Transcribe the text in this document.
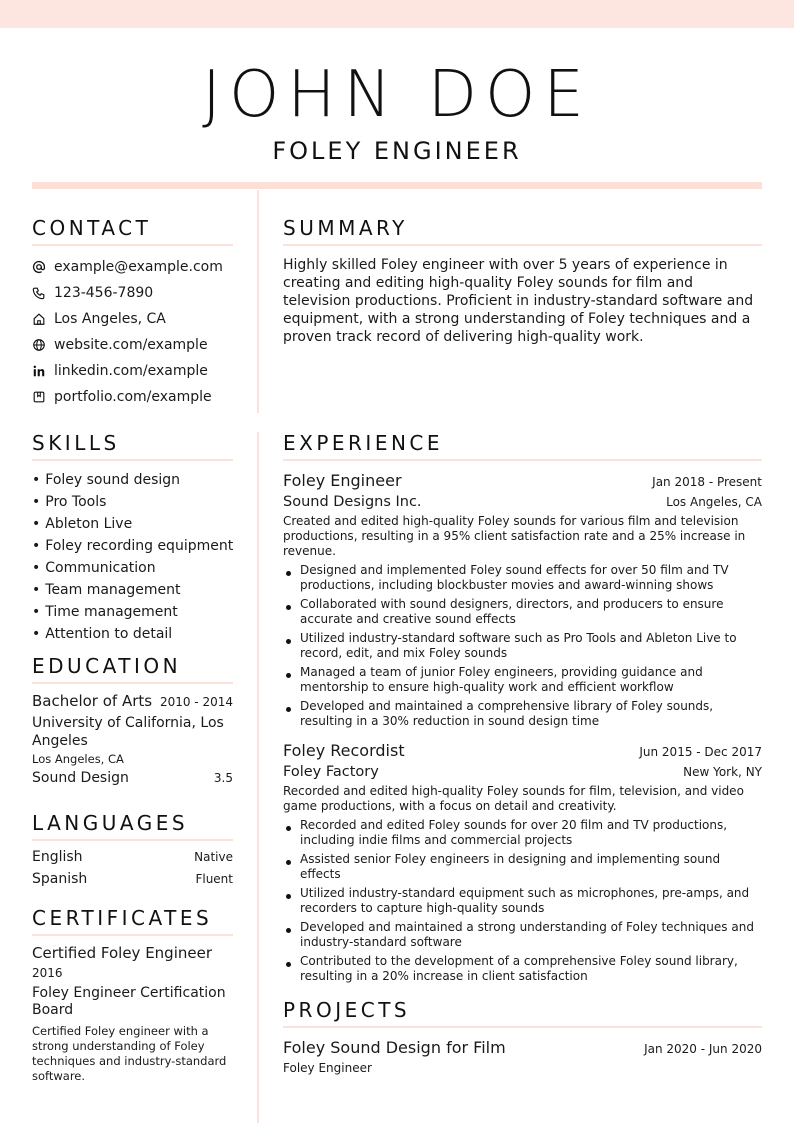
JOHN DOE
FOLEY ENGINEER
CONTACT
example@example.com
123-456-7890
Los Angeles, CA
website.com/example
linkedin.com/example
portfolio.com/example
SKILLS
• Foley sound design
• Pro Tools
• Ableton Live
• Foley recording equipment
• Communication
• Team management
• Time management
• Attention to detail
EDUCATION
Bachelor of Arts 2010 - 2014
University of California, Los Angeles
Los Angeles, CA
Sound Design	3.5
LANGUAGES
English	Native
Spanish	Fluent
CERTIFICATES
Certified Foley Engineer
2016
Foley Engineer Certification Board
Certified Foley engineer with a strong understanding of Foley techniques and industry-standard software.
SUMMARY
Highly skilled Foley engineer with over 5 years of experience in creating and editing high-quality Foley sounds for film and television productions. Proficient in industry-standard software and equipment, with a strong understanding of Foley techniques and a proven track record of delivering high-quality work.
EXPERIENCE
Foley Engineer	Jan 2018 - Present
Sound Designs Inc.	Los Angeles, CA
Created and edited high-quality Foley sounds for various film and television productions, resulting in a 95% client satisfaction rate and a 25% increase in revenue.
Designed and implemented Foley sound effects for over 50 film and TV productions, including blockbuster movies and award-winning shows
Collaborated with sound designers, directors, and producers to ensure accurate and creative sound effects
Utilized industry-standard software such as Pro Tools and Ableton Live to record, edit, and mix Foley sounds
Managed a team of junior Foley engineers, providing guidance and mentorship to ensure high-quality work and efficient workflow
Developed and maintained a comprehensive library of Foley sounds, resulting in a 30% reduction in sound design time
Foley Recordist	Jun 2015 - Dec 2017
Foley Factory	New York, NY
Recorded and edited high-quality Foley sounds for film, television, and video game productions, with a focus on detail and creativity.
Recorded and edited Foley sounds for over 20 film and TV productions, including indie films and commercial projects
Assisted senior Foley engineers in designing and implementing sound effects
Utilized industry-standard equipment such as microphones, pre-amps, and recorders to capture high-quality sounds
Developed and maintained a strong understanding of Foley techniques and industry-standard software
Contributed to the development of a comprehensive Foley sound library, resulting in a 20% increase in client satisfaction
PROJECTS
Foley Sound Design for Film	Jan 2020 - Jun 2020
Foley Engineer
